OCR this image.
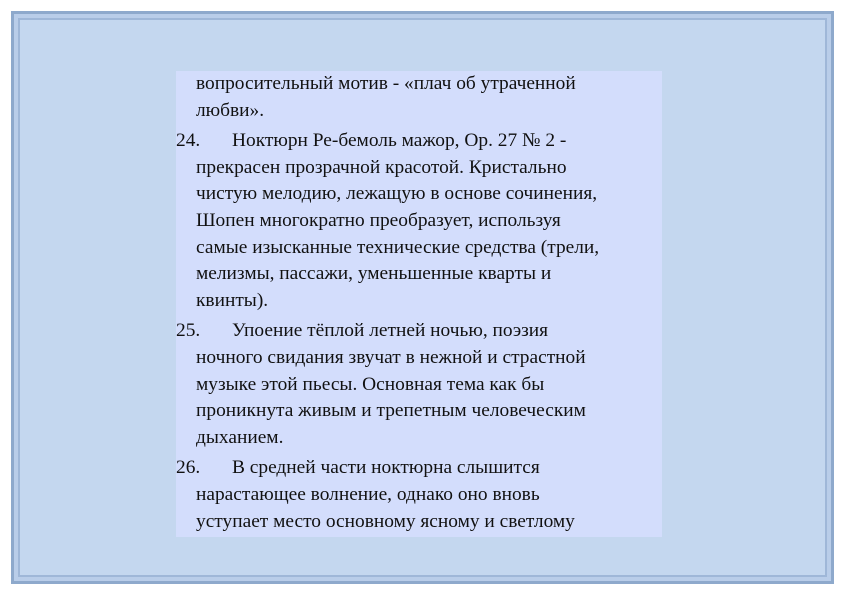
вопросительный мотив - «плач об утраченной
любви».

24.	Ноктюрн Ре-бемоль мажор, Ор. 27 № 2 -
прекрасен прозрачной красотой. Кристально
чистую мелодию, лежащую в основе сочинения,
Шопен многократно преобразует, используя
самые изысканные технические средства (трели,
мелизмы, пассажи, уменьшенные кварты и
квинты).

25.	Упоение тёплой летней ночью, поэзия
ночного свидания звучат в нежной и страстной
музыке этой пьесы. Основная тема как бы
проникнута живым и трепетным человеческим
дыханием.

26.	В средней части ноктюрна слышится
нарастающее волнение, однако оно вновь
уступает место основному ясному и светлому
